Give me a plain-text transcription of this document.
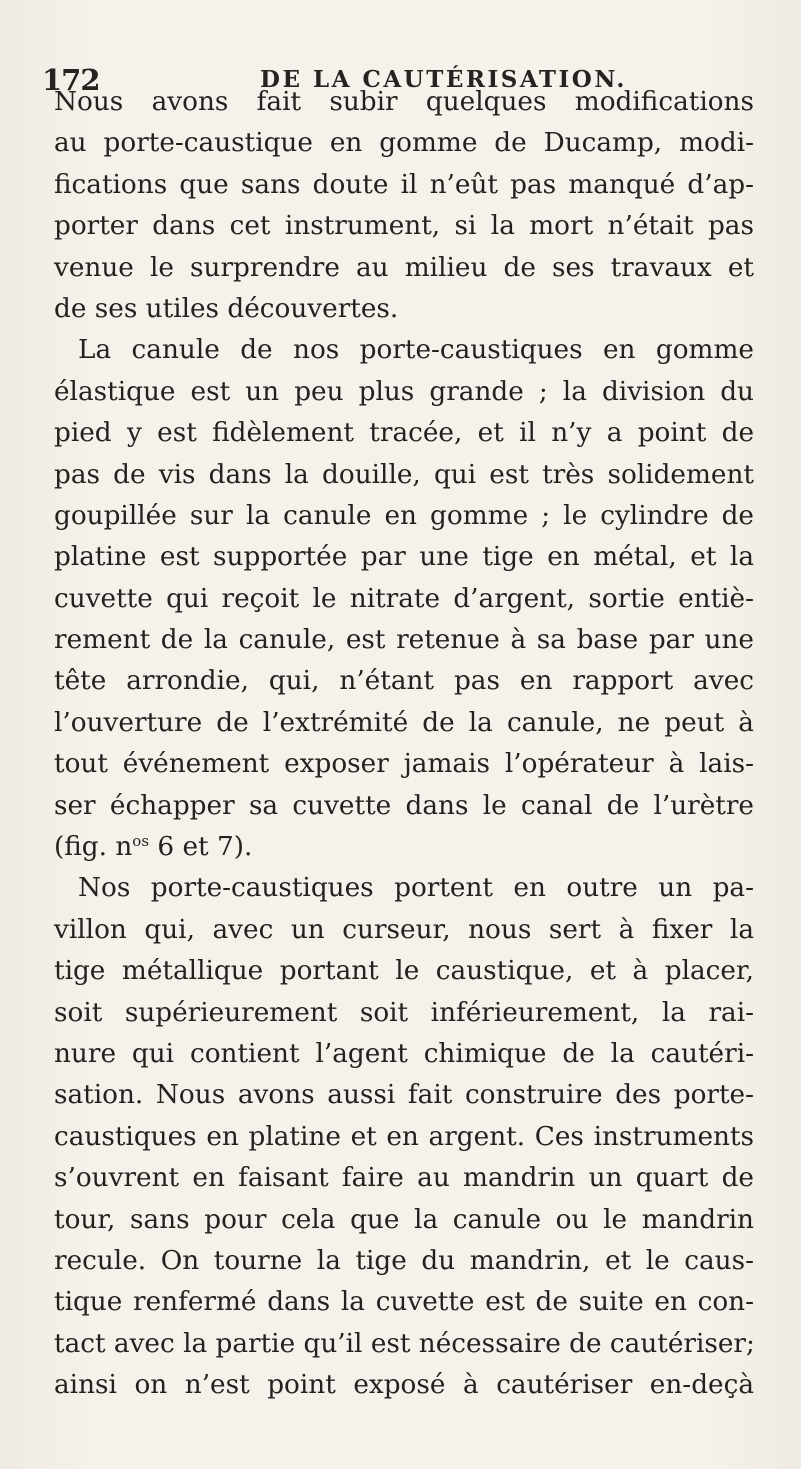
172	DE LA CAUTÉRISATION.
Nous avons fait subir quelques modifications
au porte-caustique en gomme de Ducamp, modi-
fications que sans doute il n’eût pas manqué d’ap-
porter dans cet instrument, si la mort n’était pas
venue le surprendre au milieu de ses travaux et
de ses utiles découvertes.
La canule de nos porte-caustiques en gomme
élastique est un peu plus grande ; la division du
pied y est fidèlement tracée, et il n’y a point de
pas de vis dans la douille, qui est très solidement
goupillée sur la canule en gomme ; le cylindre de
platine est supportée par une tige en métal, et la
cuvette qui reçoit le nitrate d’argent, sortie entiè-
rement de la canule, est retenue à sa base par une
tête arrondie, qui, n’étant pas en rapport avec
l’ouverture de l’extrémité de la canule, ne peut à
tout événement exposer jamais l’opérateur à lais-
ser échapper sa cuvette dans le canal de l’urètre
(fig. $n^{os}$ 6 et 7).
Nos porte-caustiques portent en outre un pa-
villon qui, avec un curseur, nous sert à fixer la
tige métallique portant le caustique, et à placer,
soit supérieurement soit inférieurement, la rai-
nure qui contient l’agent chimique de la cautéri-
sation. Nous avons aussi fait construire des porte-
caustiques en platine et en argent. Ces instruments
s’ouvrent en faisant faire au mandrin un quart de
tour, sans pour cela que la canule ou le mandrin
recule. On tourne la tige du mandrin, et le caus-
tique renfermé dans la cuvette est de suite en con-
tact avec la partie qu’il est nécessaire de cautériser;
ainsi on n’est point exposé à cautériser en-deçà
